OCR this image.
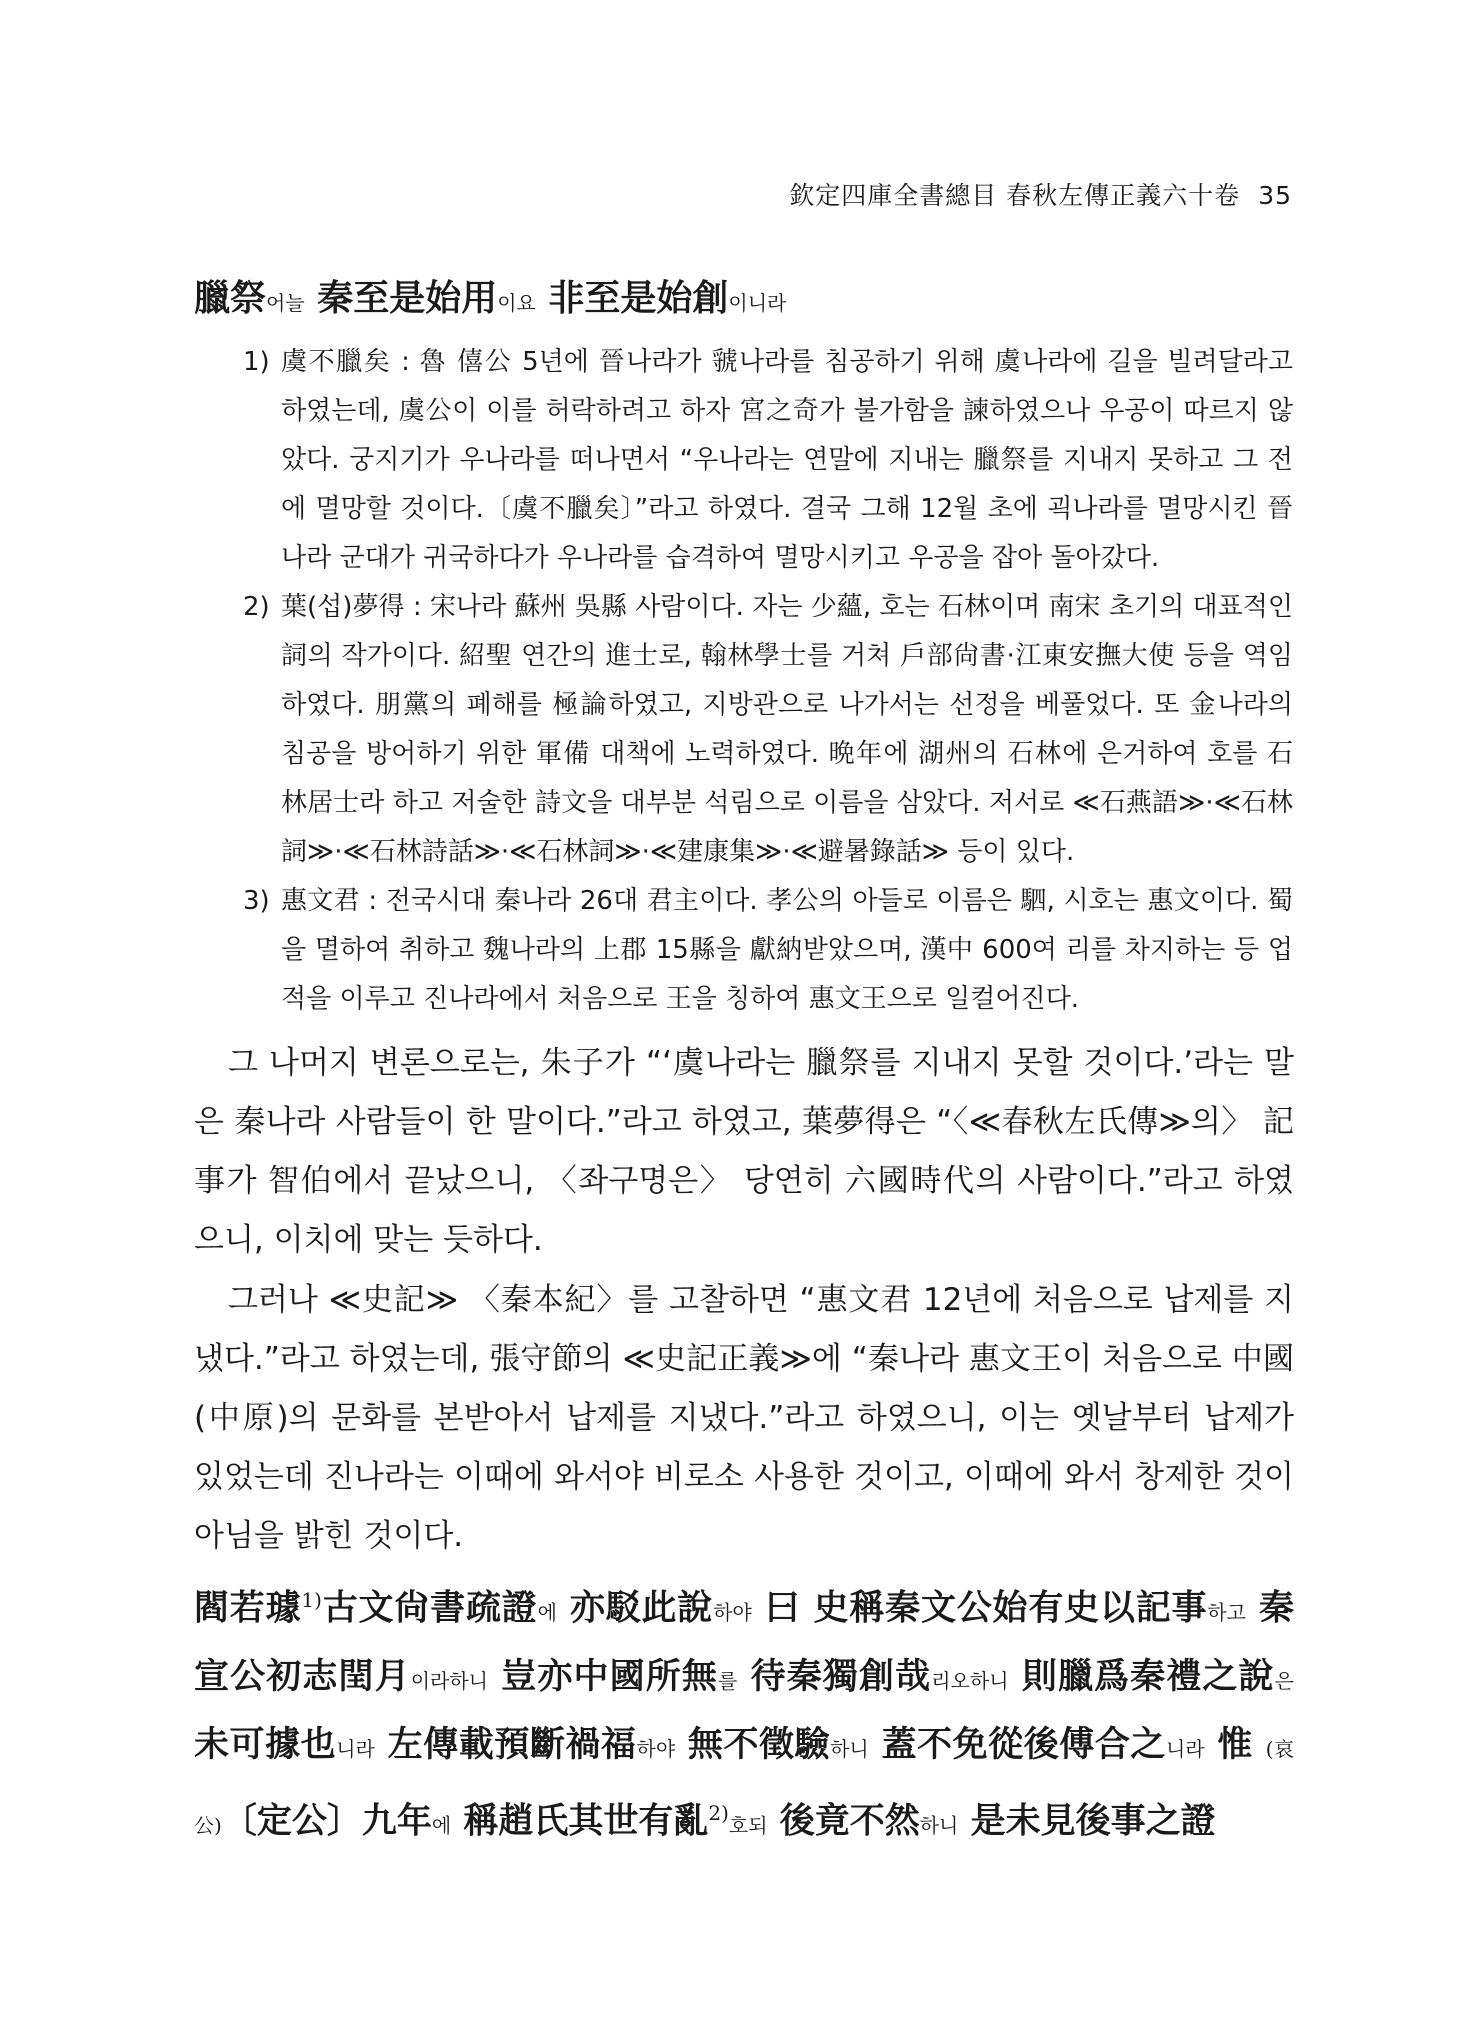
欽定四庫全書總目 春秋左傳正義六十卷 35
臘祭어늘 秦至是始用이요 非至是始創이니라
1) 虞不臘矣 : 魯 僖公 5년에 晉나라가 虢나라를 침공하기 위해 虞나라에 길을 빌려달라고 하였는데, 虞公이 이를 허락하려고 하자 宮之奇가 불가함을 諫하였으나 우공이 따르지 않았다. 궁지기가 우나라를 떠나면서 “우나라는 연말에 지내는 臘祭를 지내지 못하고 그 전에 멸망할 것이다.〔虞不臘矣〕”라고 하였다. 결국 그해 12월 초에 괵나라를 멸망시킨 晉나라 군대가 귀국하다가 우나라를 습격하여 멸망시키고 우공을 잡아 돌아갔다.
2) 葉(섭)夢得 : 宋나라 蘇州 吳縣 사람이다. 자는 少蘊, 호는 石林이며 南宋 초기의 대표적인 詞의 작가이다. 紹聖 연간의 進士로, 翰林學士를 거쳐 戶部尙書·江東安撫大使 등을 역임하였다. 朋黨의 폐해를 極論하였고, 지방관으로 나가서는 선정을 베풀었다. 또 金나라의 침공을 방어하기 위한 軍備 대책에 노력하였다. 晩年에 湖州의 石林에 은거하여 호를 石林居士라 하고 저술한 詩文을 대부분 석림으로 이름을 삼았다. 저서로 ≪石燕語≫·≪石林詞≫·≪石林詩話≫·≪石林詞≫·≪建康集≫·≪避暑錄話≫ 등이 있다.
3) 惠文君 : 전국시대 秦나라 26대 君主이다. 孝公의 아들로 이름은 駟, 시호는 惠文이다. 蜀을 멸하여 취하고 魏나라의 上郡 15縣을 獻納받았으며, 漢中 600여 리를 차지하는 등 업적을 이루고 진나라에서 처음으로 王을 칭하여 惠文王으로 일컬어진다.

그 나머지 변론으로는, 朱子가 “‘虞나라는 臘祭를 지내지 못할 것이다.’라는 말은 秦나라 사람들이 한 말이다.”라고 하였고, 葉夢得은 “〈≪春秋左氏傳≫의〉 記事가 智伯에서 끝났으니, 〈좌구명은〉 당연히 六國時代의 사람이다.”라고 하였으니, 이치에 맞는 듯하다.

그러나 ≪史記≫ 〈秦本紀〉를 고찰하면 “惠文君 12년에 처음으로 납제를 지냈다.”라고 하였는데, 張守節의 ≪史記正義≫에 “秦나라 惠文王이 처음으로 中國(中原)의 문화를 본받아서 납제를 지냈다.”라고 하였으니, 이는 옛날부터 납제가 있었는데 진나라는 이때에 와서야 비로소 사용한 것이고, 이때에 와서 창제한 것이 아님을 밝힌 것이다.

閻若璩$^{1)}$古文尙書疏證에 亦駁此說하야 曰 史稱秦文公始有史以記事하고 秦宣公初志閏月이라하니 豈亦中國所無를 待秦獨創哉리오하니 則臘爲秦禮之說은 未可據也니라 左傳載預斷禍福하야 無不徵驗하니 蓋不免從後傅合之니라 惟 (哀公)〔定公〕九年에 稱趙氏其世有亂$^{2)}$호되 後竟不然하니 是未見後事之證
